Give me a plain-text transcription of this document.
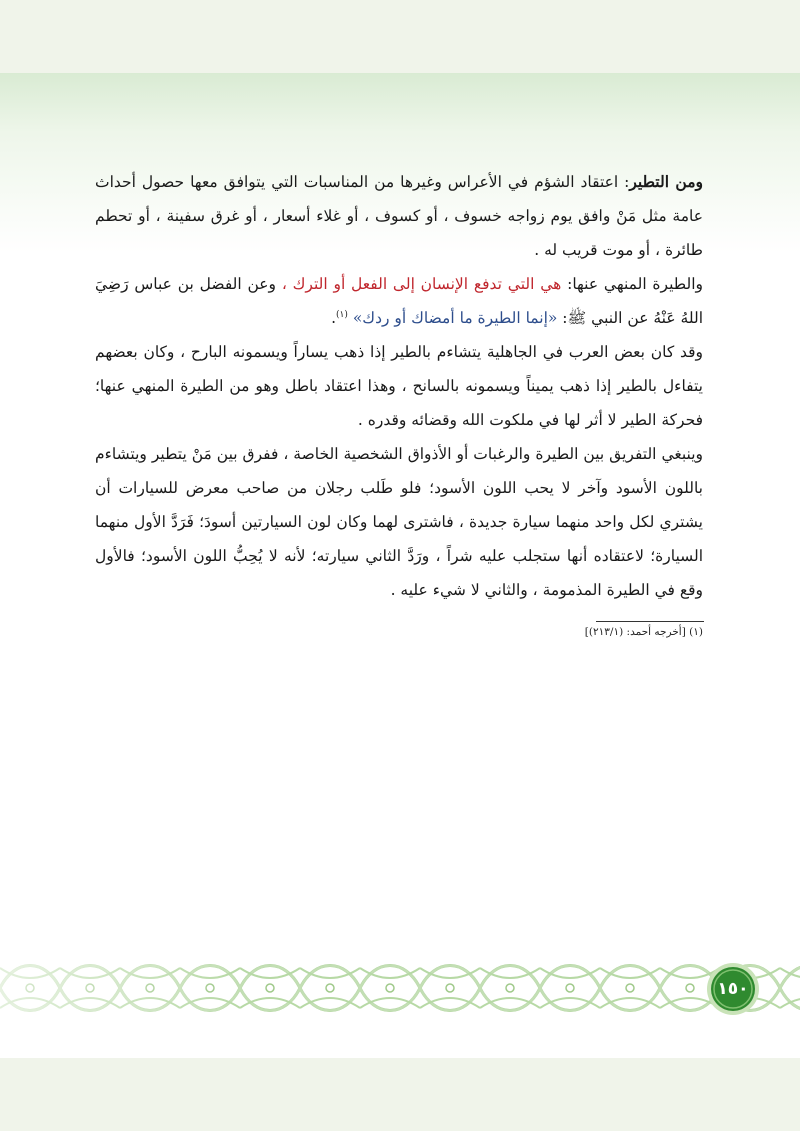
ومن التطير: اعتقاد الشؤم في الأعراس وغيرها من المناسبات التي يتوافق معها حصول أحداث عامة مثل مَنْ وافق يوم زواجه خسوف ، أو كسوف ، أو غلاء أسعار ، أو غرق سفينة ، أو تحطم طائرة ، أو موت قريب له .

والطيرة المنهي عنها: هي التي تدفع الإنسان إلى الفعل أو الترك ، وعن الفضل بن عباس رَضِيَ اللهُ عَنْهُ عن النبي ﷺ: «إنما الطيرة ما أمضاك أو ردك» $^{(١)}$.

وقد كان بعض العرب في الجاهلية يتشاءم بالطير إذا ذهب يساراً ويسمونه البارح ، وكان بعضهم يتفاءل بالطير إذا ذهب يميناً ويسمونه بالسانح ، وهذا اعتقاد باطل وهو من الطيرة المنهي عنها؛ فحركة الطير لا أثر لها في ملكوت الله وقضائه وقدره .

وينبغي التفريق بين الطيرة والرغبات أو الأذواق الشخصية الخاصة ، ففرق بين مَنْ يتطير ويتشاءم باللون الأسود وآخر لا يحب اللون الأسود؛ فلو طَلب رجلان من صاحب معرض للسيارات أن يشتري لكل واحد منهما سيارة جديدة ، فاشترى لهما وكان لون السيارتين أسودَ؛ فَرَدَّ الأول منهما السيارة؛ لاعتقاده أنها ستجلب عليه شراً ، ورَدَّ الثاني سيارته؛ لأنه لا يُحِبُّ اللون الأسود؛ فالأول وقع في الطيرة المذمومة ، والثاني لا شيء عليه .

(١) [أخرجه أحمد: (٢١٣/١)]
١٥٠
